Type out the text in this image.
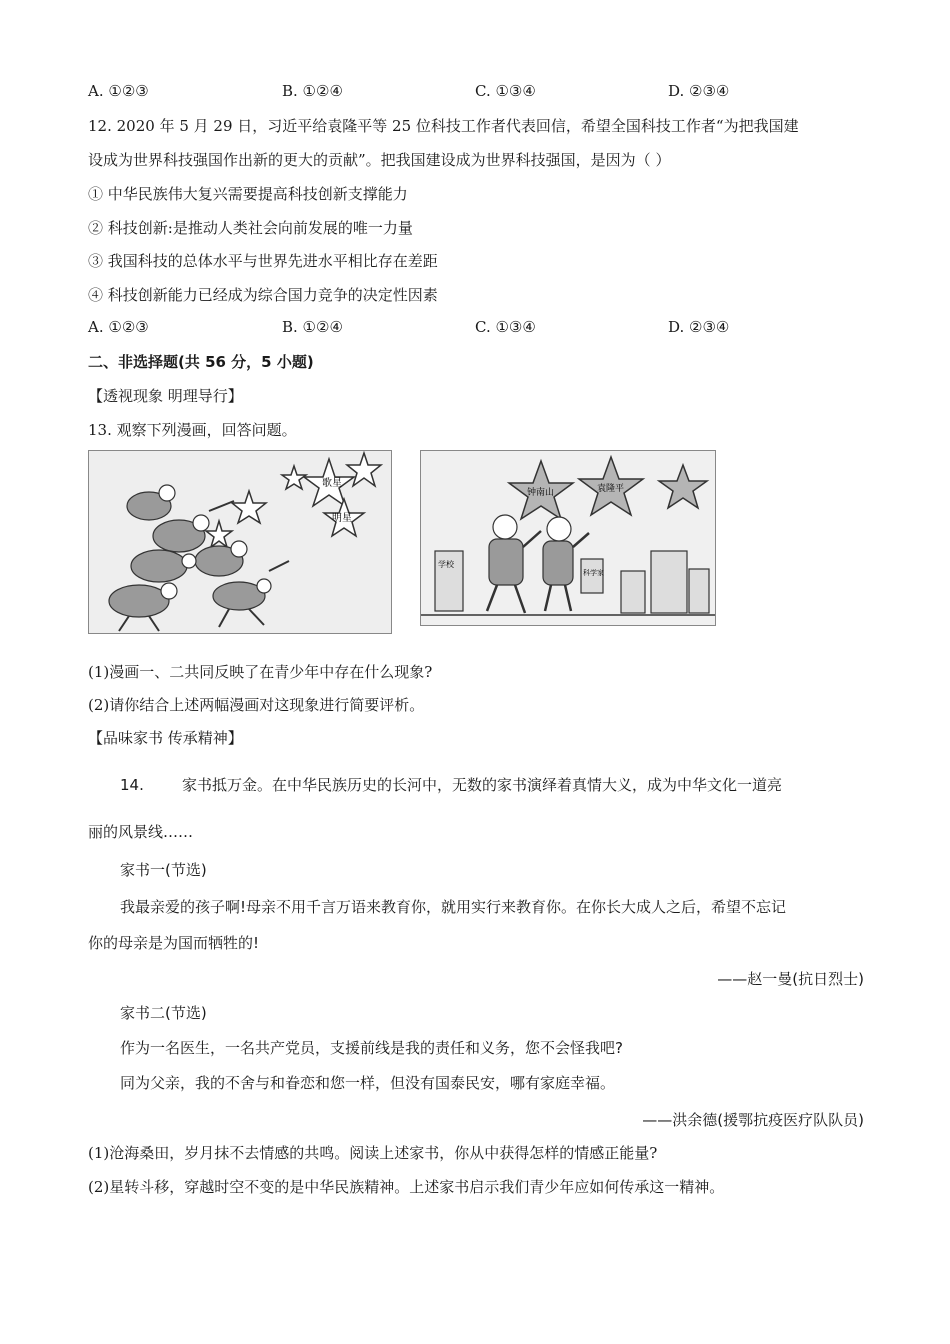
A. ①②③	B. ①②④	C. ①③④	D. ②③④
12. 2020 年 5 月 29 日，习近平给袁隆平等 25 位科技工作者代表回信，希望全国科技工作者“为把我国建
设成为世界科技强国作出新的更大的贡献”。把我国建设成为世界科技强国，是因为（ ）
① 中华民族伟大复兴需要提高科技创新支撑能力
② 科技创新:是推动人类社会向前发展的唯一力量
③ 我国科技的总体水平与世界先进水平相比存在差距
④ 科技创新能力已经成为综合国力竞争的决定性因素
A. ①②③	B. ①②④	C. ①③④	D. ②③④
二、非选择题(共 56 分，5 小题)
【透视现象 明理导行】
13. 观察下列漫画，回答问题。
歌星
明星
钟南山	袁隆平
学校
科学家
(1)漫画一、二共同反映了在青少年中存在什么现象?
(2)请你结合上述两幅漫画对这现象进行简要评析。
【品味家书 传承精神】
14.	家书抵万金。在中华民族历史的长河中，无数的家书演绎着真情大义，成为中华文化一道亮
丽的风景线……
家书一(节选)
我最亲爱的孩子啊!母亲不用千言万语来教育你，就用实行来教育你。在你长大成人之后，希望不忘记
你的母亲是为国而牺牲的!
——赵一曼(抗日烈士)
家书二(节选)
作为一名医生，一名共产党员，支援前线是我的责任和义务，您不会怪我吧?
同为父亲，我的不舍与和眷恋和您一样，但没有国泰民安，哪有家庭幸福。
——洪余德(援鄂抗疫医疗队队员)
(1)沧海桑田，岁月抹不去情感的共鸣。阅读上述家书，你从中获得怎样的情感正能量?
(2)星转斗移，穿越时空不变的是中华民族精神。上述家书启示我们青少年应如何传承这一精神。
